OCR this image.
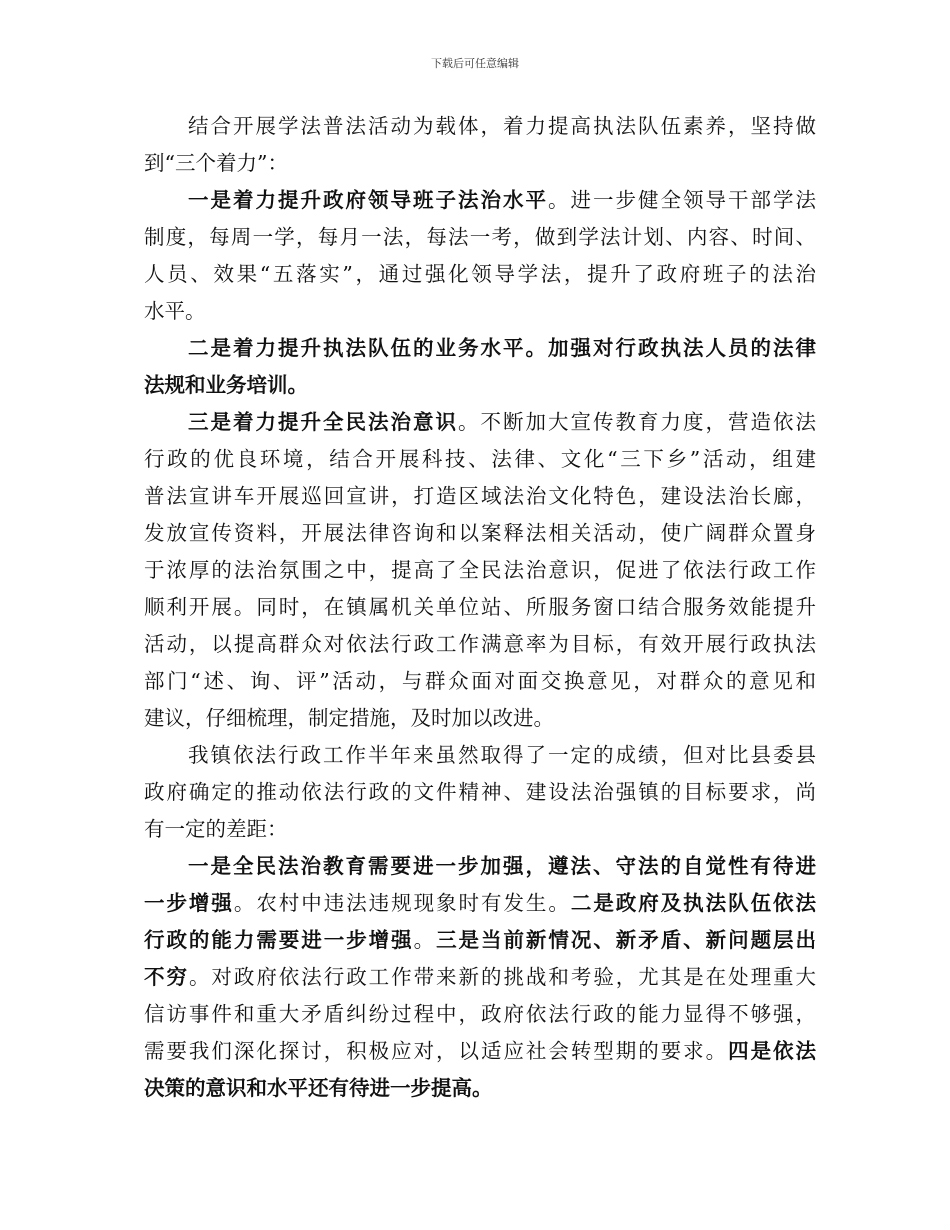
下载后可任意编辑
结合开展学法普法活动为载体，着力提高执法队伍素养，坚持做
到“三个着力”：
一是着力提升政府领导班子法治水平。进一步健全领导干部学法
制度，每周一学，每月一法，每法一考，做到学法计划、内容、时间、
人员、效果“五落实”，通过强化领导学法，提升了政府班子的法治
水平。
二是着力提升执法队伍的业务水平。加强对行政执法人员的法律
法规和业务培训。
三是着力提升全民法治意识。不断加大宣传教育力度，营造依法
行政的优良环境，结合开展科技、法律、文化“三下乡”活动，组建
普法宣讲车开展巡回宣讲，打造区域法治文化特色，建设法治长廊，
发放宣传资料，开展法律咨询和以案释法相关活动，使广阔群众置身
于浓厚的法治氛围之中，提高了全民法治意识，促进了依法行政工作
顺利开展。同时，在镇属机关单位站、所服务窗口结合服务效能提升
活动，以提高群众对依法行政工作满意率为目标，有效开展行政执法
部门“述、询、评”活动，与群众面对面交换意见，对群众的意见和
建议，仔细梳理，制定措施，及时加以改进。
我镇依法行政工作半年来虽然取得了一定的成绩，但对比县委县
政府确定的推动依法行政的文件精神、建设法治强镇的目标要求，尚
有一定的差距：
一是全民法治教育需要进一步加强，遵法、守法的自觉性有待进
一步增强。农村中违法违规现象时有发生。二是政府及执法队伍依法
行政的能力需要进一步增强。三是当前新情况、新矛盾、新问题层出
不穷。对政府依法行政工作带来新的挑战和考验，尤其是在处理重大
信访事件和重大矛盾纠纷过程中，政府依法行政的能力显得不够强，
需要我们深化探讨，积极应对，以适应社会转型期的要求。四是依法
决策的意识和水平还有待进一步提高。
